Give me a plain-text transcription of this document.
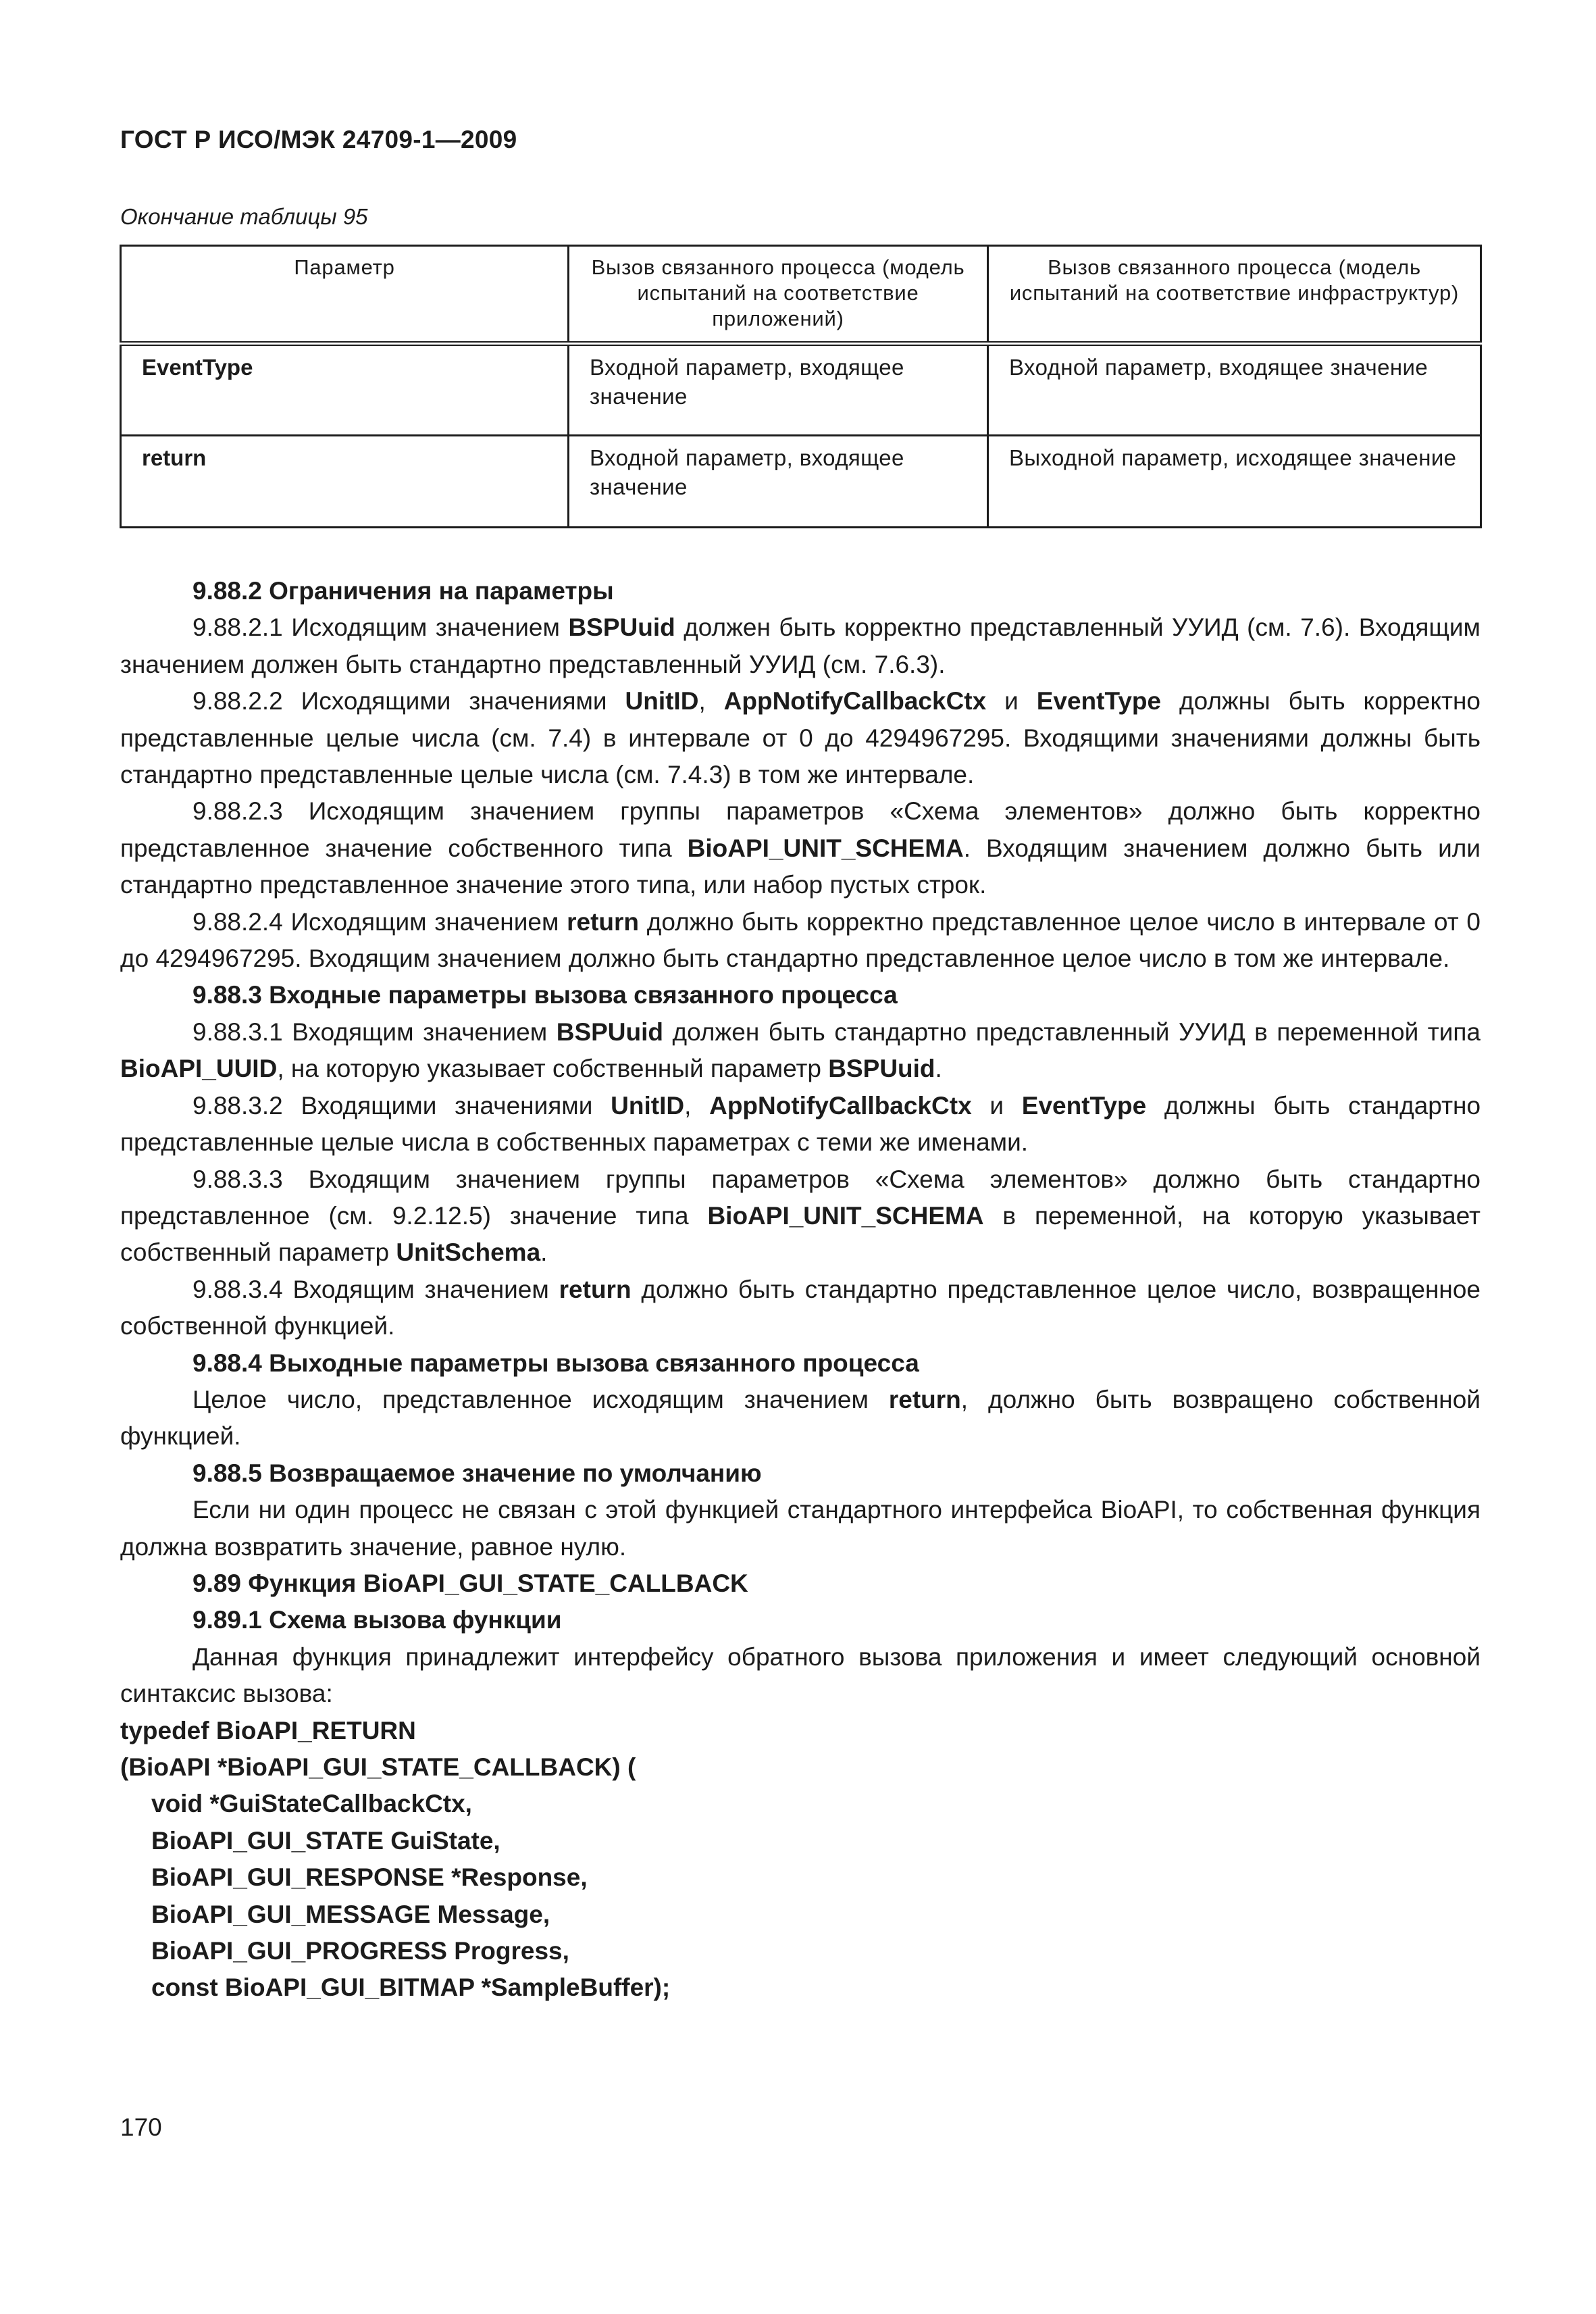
ГОСТ Р ИСО/МЭК 24709-1—2009
Окончание таблицы 95
Параметр	Вызов связанного процесса (модель испытаний на соответствие приложений)	Вызов связанного процесса (модель испытаний на соответствие инфраструктур)
EventType	Входной параметр, входящее значение	Входной параметр, входящее значение
return	Входной параметр, входящее значение	Выходной параметр, исходящее значение

9.88.2 Ограничения на параметры

9.88.2.1 Исходящим значением BSPUuid должен быть корректно представленный УУИД (см. 7.6). Входящим значением должен быть стандартно представленный УУИД (см. 7.6.3).

9.88.2.2 Исходящими значениями UnitID, AppNotifyCallbackCtx и EventType должны быть корректно представленные целые числа (см. 7.4) в интервале от 0 до 4294967295. Входящими значениями должны быть стандартно представленные целые числа (см. 7.4.3) в том же интервале.

9.88.2.3 Исходящим значением группы параметров «Схема элементов» должно быть корректно представленное значение собственного типа BioAPI_UNIT_SCHEMA. Входящим значением должно быть или стандартно представленное значение этого типа, или набор пустых строк.

9.88.2.4 Исходящим значением return должно быть корректно представленное целое число в интервале от 0 до 4294967295. Входящим значением должно быть стандартно представленное целое число в том же интервале.

9.88.3 Входные параметры вызова связанного процесса

9.88.3.1 Входящим значением BSPUuid должен быть стандартно представленный УУИД в переменной типа BioAPI_UUID, на которую указывает собственный параметр BSPUuid.

9.88.3.2 Входящими значениями UnitID, AppNotifyCallbackCtx и EventType должны быть стандартно представленные целые числа в собственных параметрах с теми же именами.

9.88.3.3 Входящим значением группы параметров «Схема элементов» должно быть стандартно представленное (см. 9.2.12.5) значение типа BioAPI_UNIT_SCHEMA в переменной, на которую указывает собственный параметр UnitSchema.

9.88.3.4 Входящим значением return должно быть стандартно представленное целое число, возвращенное собственной функцией.

9.88.4 Выходные параметры вызова связанного процесса

Целое число, представленное исходящим значением return, должно быть возвращено собственной функцией.

9.88.5 Возвращаемое значение по умолчанию

Если ни один процесс не связан с этой функцией стандартного интерфейса BioAPI, то собственная функция должна возвратить значение, равное нулю.

9.89 Функция BioAPI_GUI_STATE_CALLBACK

9.89.1 Схема вызова функции

Данная функция принадлежит интерфейсу обратного вызова приложения и имеет следующий основной синтаксис вызова:

typedef BioAPI_RETURN

(BioAPI *BioAPI_GUI_STATE_CALLBACK) (

void *GuiStateCallbackCtx,

BioAPI_GUI_STATE GuiState,

BioAPI_GUI_RESPONSE *Response,

BioAPI_GUI_MESSAGE Message,

BioAPI_GUI_PROGRESS Progress,

const BioAPI_GUI_BITMAP *SampleBuffer);

170
